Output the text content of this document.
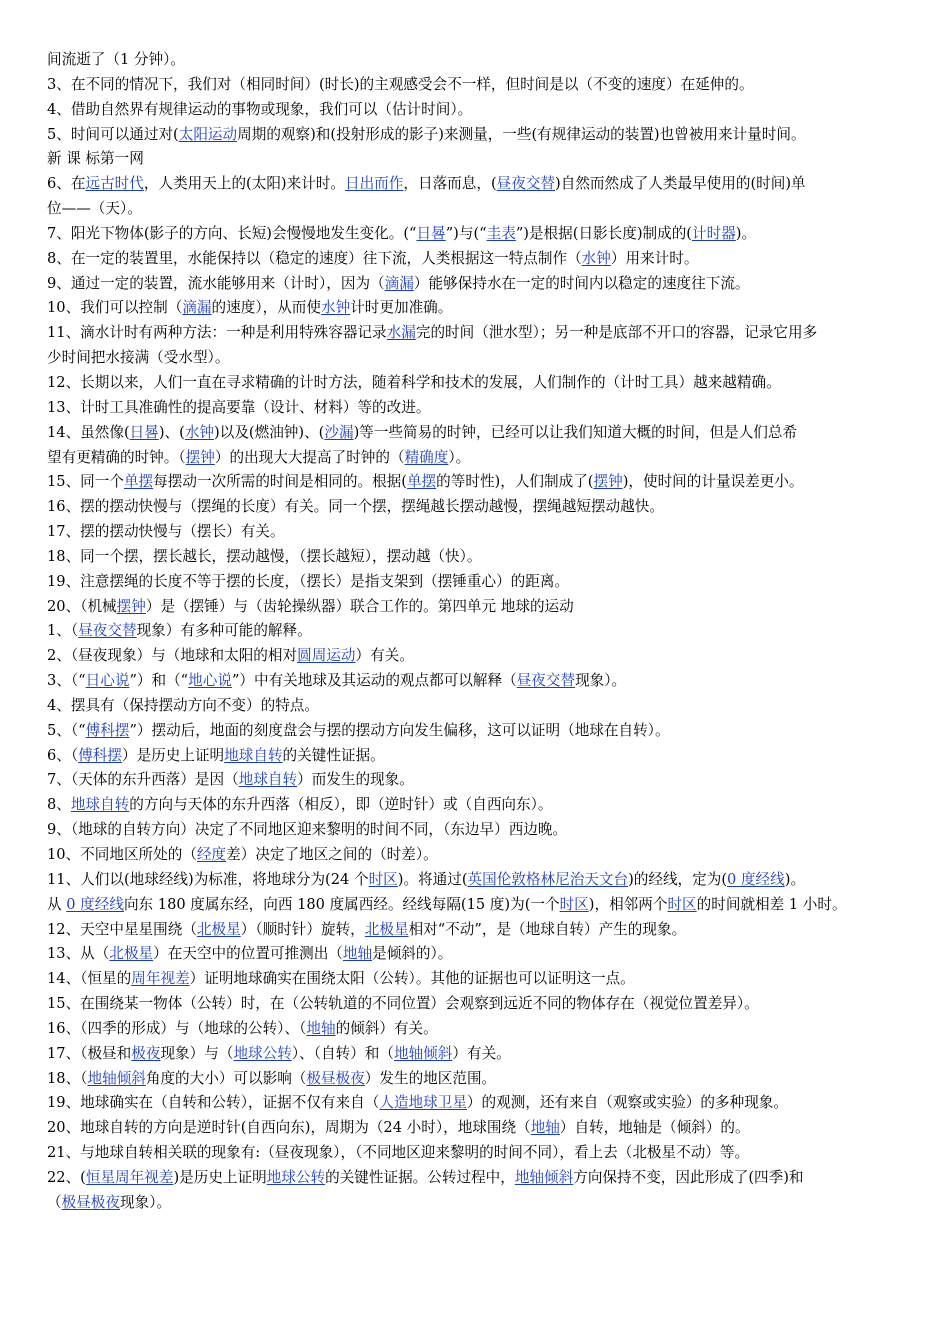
间流逝了（1 分钟）。
3、在不同的情况下，我们对（相同时间）(时长)的主观感受会不一样，但时间是以（不变的速度）在延伸的。
4、借助自然界有规律运动的事物或现象，我们可以（估计时间）。
5、时间可以通过对(太阳运动周期的观察)和(投射形成的影子)来测量，一些(有规律运动的装置)也曾被用来计量时间。
新 课 标第一网
6、在远古时代，人类用天上的(太阳)来计时。日出而作，日落而息，(昼夜交替)自然而然成了人类最早使用的(时间)单
位——（天）。
7、阳光下物体(影子的方向、长短)会慢慢地发生变化。(“日晷”)与(“圭表”)是根据(日影长度)制成的(计时器)。
8、在一定的装置里，水能保持以（稳定的速度）往下流，人类根据这一特点制作（水钟）用来计时。
9、通过一定的装置，流水能够用来（计时），因为（滴漏）能够保持水在一定的时间内以稳定的速度往下流。
10、我们可以控制（滴漏的速度），从而使水钟计时更加准确。
11、滴水计时有两种方法：一种是利用特殊容器记录水漏完的时间（泄水型）；另一种是底部不开口的容器，记录它用多
少时间把水接满（受水型）。
12、长期以来，人们一直在寻求精确的计时方法，随着科学和技术的发展，人们制作的（计时工具）越来越精确。
13、计时工具准确性的提高要靠（设计、材料）等的改进。
14、虽然像(日晷)、(水钟)以及(燃油钟)、(沙漏)等一些简易的时钟，已经可以让我们知道大概的时间，但是人们总希
望有更精确的时钟。（摆钟）的出现大大提高了时钟的（精确度）。
15、同一个单摆每摆动一次所需的时间是相同的。根据(单摆的等时性)，人们制成了(摆钟)，使时间的计量误差更小。
16、摆的摆动快慢与（摆绳的长度）有关。同一个摆，摆绳越长摆动越慢，摆绳越短摆动越快。
17、摆的摆动快慢与（摆长）有关。
18、同一个摆，摆长越长，摆动越慢，（摆长越短），摆动越（快）。
19、注意摆绳的长度不等于摆的长度，（摆长）是指支架到（摆锤重心）的距离。
20、（机械摆钟）是（摆锤）与（齿轮操纵器）联合工作的。第四单元 地球的运动
1、（昼夜交替现象）有多种可能的解释。
2、（昼夜现象）与（地球和太阳的相对圆周运动）有关。
3、（“日心说”）和（“地心说”）中有关地球及其运动的观点都可以解释（昼夜交替现象）。
4、摆具有（保持摆动方向不变）的特点。
5、（“傅科摆”）摆动后，地面的刻度盘会与摆的摆动方向发生偏移，这可以证明（地球在自转）。
6、（傅科摆）是历史上证明地球自转的关键性证据。
7、（天体的东升西落）是因（地球自转）而发生的现象。
8、地球自转的方向与天体的东升西落（相反），即（逆时针）或（自西向东）。
9、（地球的自转方向）决定了不同地区迎来黎明的时间不同，（东边早）西边晚。
10、不同地区所处的（经度差）决定了地区之间的（时差）。
11、人们以(地球经线)为标准，将地球分为(24 个时区)。将通过(英国伦敦格林尼治天文台)的经线，定为(0 度经线)。
从 0 度经线向东 180 度属东经，向西 180 度属西经。经线每隔(15 度)为(一个时区)，相邻两个时区的时间就相差 1 小时。
12、天空中星星围绕（北极星）（顺时针）旋转，北极星相对“不动”，是（地球自转）产生的现象。
13、从（北极星）在天空中的位置可推测出（地轴是倾斜的）。
14、（恒星的周年视差）证明地球确实在围绕太阳（公转）。其他的证据也可以证明这一点。
15、在围绕某一物体（公转）时，在（公转轨道的不同位置）会观察到远近不同的物体存在（视觉位置差异）。
16、（四季的形成）与（地球的公转）、（地轴的倾斜）有关。
17、（极昼和极夜现象）与（地球公转）、（自转）和（地轴倾斜）有关。
18、（地轴倾斜角度的大小）可以影响（极昼极夜）发生的地区范围。
19、地球确实在（自转和公转），证据不仅有来自（人造地球卫星）的观测，还有来自（观察或实验）的多种现象。
20、地球自转的方向是逆时针(自西向东)，周期为（24 小时），地球围绕（地轴）自转，地轴是（倾斜）的。
21、与地球自转相关联的现象有:（昼夜现象），（不同地区迎来黎明的时间不同），看上去（北极星不动）等。
22、(恒星周年视差)是历史上证明地球公转的关键性证据。公转过程中，地轴倾斜方向保持不变，因此形成了(四季)和
（极昼极夜现象）。
